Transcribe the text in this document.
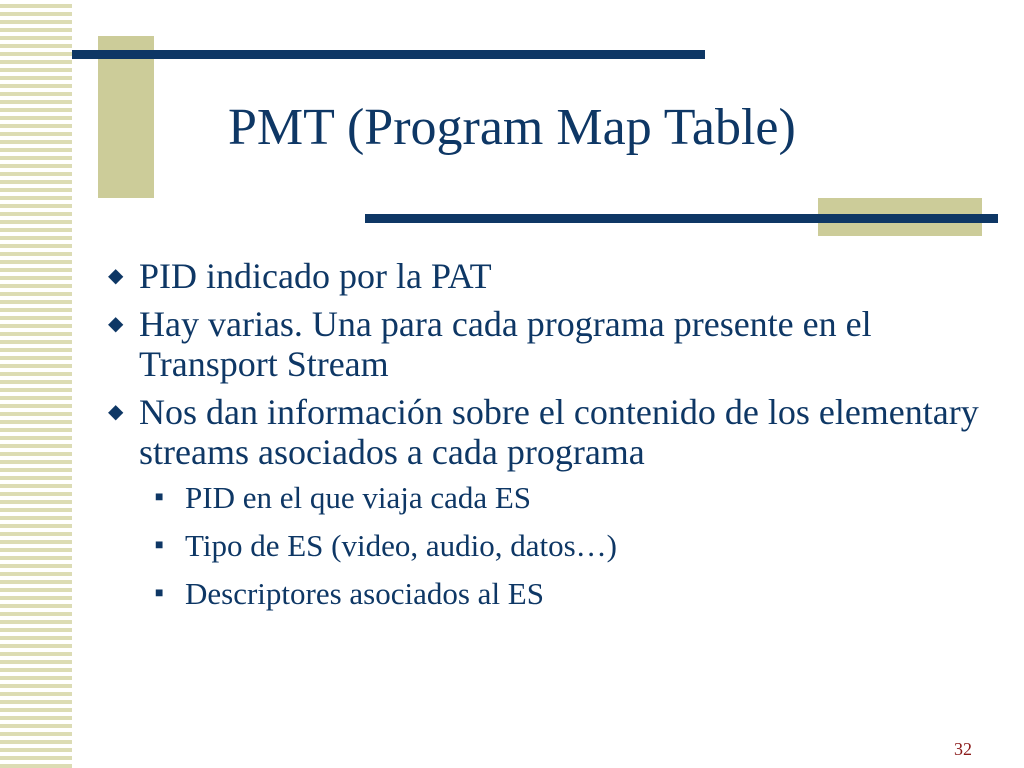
PMT (Program Map Table)
◆ PID indicado por la PAT
◆ Hay varias. Una para cada programa presente en el Transport Stream
◆ Nos dan información sobre el contenido de los elementary streams asociados a cada programa
■ PID en el que viaja cada ES
■ Tipo de ES (video, audio, datos…)
■ Descriptores asociados al ES
32
